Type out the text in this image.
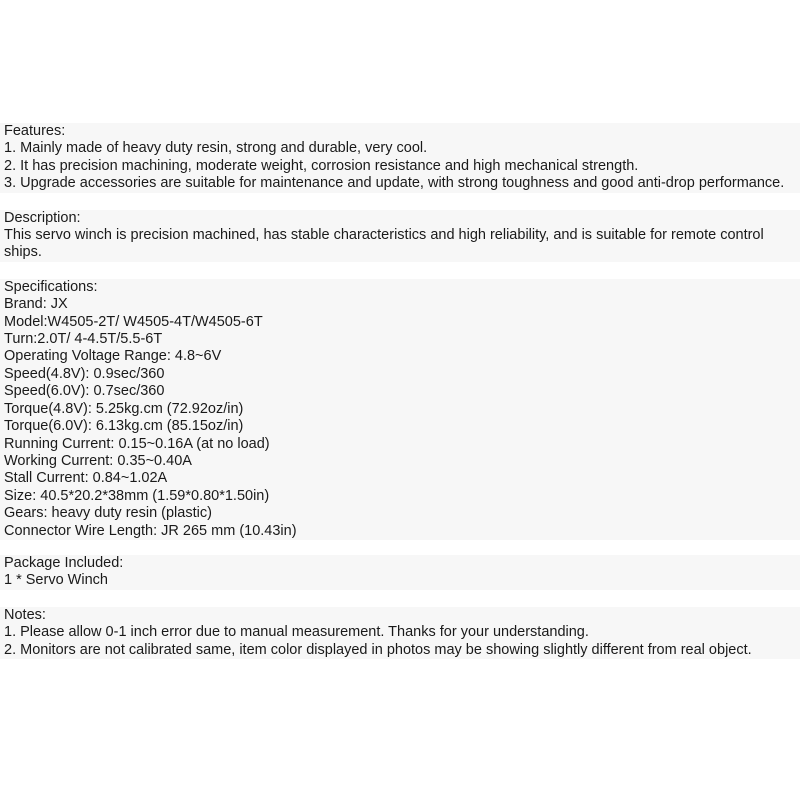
Features:
1. Mainly made of heavy duty resin, strong and durable, very cool.
2. It has precision machining, moderate weight, corrosion resistance and high mechanical strength.
3. Upgrade accessories are suitable for maintenance and update, with strong toughness and good anti-drop performance.
Description:
This servo winch is precision machined, has stable characteristics and high reliability, and is suitable for remote control ships.
Specifications:
Brand: JX
Model:W4505-2T/ W4505-4T/W4505-6T
Turn:2.0T/ 4-4.5T/5.5-6T
Operating Voltage Range: 4.8~6V
Speed(4.8V): 0.9sec/360
Speed(6.0V): 0.7sec/360
Torque(4.8V): 5.25kg.cm (72.92oz/in)
Torque(6.0V): 6.13kg.cm (85.15oz/in)
Running Current: 0.15~0.16A (at no load)
Working Current: 0.35~0.40A
Stall Current: 0.84~1.02A
Size: 40.5*20.2*38mm (1.59*0.80*1.50in)
Gears: heavy duty resin (plastic)
Connector Wire Length: JR 265 mm (10.43in)
Package Included:
1 * Servo Winch
Notes:
1. Please allow 0-1 inch error due to manual measurement. Thanks for your understanding.
2. Monitors are not calibrated same, item color displayed in photos may be showing slightly different from real object.
